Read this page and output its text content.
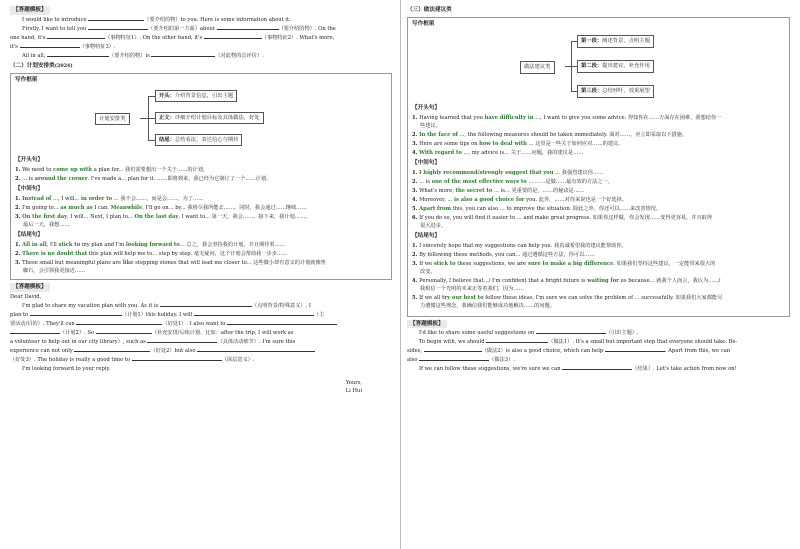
【答题模板】
I would like to introduce	（要介绍的物）to you. Here is some information about it.
Firstly, I want to tell you	（要介绍的第一方面）about	（要介绍的物）. On the
one hand, it's	（事物特征1）. On the other hand, it's	（事物特征2）. What's more,
it's	（事物特征3）.
All in all,	（要介绍的物）is	（对此物的总评价）.
（二）计划安排类(2024)
写作框架
计划安排类
开头：介绍背景信息，引出主题
正文：详细介绍计划目标及具体做法，好处
结尾：总结看法，表达信心与期待
【开头句】
1. We need to come up with a plan for... 我们需要想出一个关于……的计划。
2. ... is around the corner. I've made a... plan for it. ……即将到来，我已经为它制订了一个……计划。
【中间句】
1. Instead of ..., I will... in order to ... 我不会……，而是会……，为了……
2. I'm going to... as much as I can. Meanwhile, I'll go on... by... 我将尽我所能去……。同时，我会通过……继续……
3. On the first day, I will... Next, I plan to... On the last day, I want to... 第一天，我会……。接下来，我计划……。
最后一天，我想……
【结尾句】
1. All in all, I'll stick to my plan and I'm looking forward to... 总之，我会坚持我的计划，并且期待着……
2. There is no doubt that this plan will help me to... step by step. 毫无疑问，这个计划会帮助我一步步……
3. These small but meaningful plans are like stepping stones that will lead me closer to... 这些微小却有意义的计划就像垫
脚石，会引领我更接近……
【答题模板】
Dear David,
I'm glad to share my vacation plan with you. As it is	（点明背景/特殊意义）, I
plan to	（计划1）this holiday. I will	（主
要活动/目的）. They'll can	（好处1）. I also want to
（计划2）. So	（补充安排/后续计划，比如：after the trip, I will work as
a volunteer to help out in our city library）, such as	（具体活动细节）. I'm sure this
experience can not only	（好处2）but also
（好处3）. The holiday is really a good time to	（深层意义）.
I'm looking forward to your reply.
Yours,
Li Hui
（三）做法建议类
写作框架
做法建议类
第一段：阐述背景，点明主题
第二段：提出建议，补充作用
第三段：总结呼吁，效果展望
【开头句】
1. Having learned that you have difficulty in ..., I want to give you some advice. 得知你在……方面存在困难，我想给你一
些建议。
2. In the face of ..., the following measures should be taken immediately. 面对……，应立即采取以下措施。
3. Here are some tips on how to deal with ... 这里是一些关于如何应对……的建议。
4. With regard to ..., my advice is... 关于……问题，我的建议是……
【中间句】
1. I highly recommend/strongly suggest that you ... 我强烈建议你……
2. ... is one of the most effective ways to ... ……是做……最有效的方法之一。
3. What's more, the secret to ... is... 更重要的是，……的秘诀是……
4. Moreover, ... is also a good choice for you. 此外，……对你来说也是一个好选择。
5. Apart from this, you can also ... to improve the situation. 除此之外，你还可以……来改善情况。
6. If you do so, you will find it easier to ... and make great progress. 如果你这样做，你会发现……变得更容易，并且取得
很大进步。
【结尾句】
1. I sincerely hope that my suggestions can help you. 我真诚希望我的建议能帮助你。
2. By following these methods, you can... 通过遵循这些方法，你可以……
3. If we stick to these suggestions, we are sure to make a big difference. 如果我们坚持这些建议，一定能带来很大的
改变。
4. Personally, I believe that.../ I'm confident that a bright future is waiting for us because... 就我个人而言，我认为……/
我相信一个光明的未来正等着我们，因为……
5. If we all try our best to follow these ideas, I'm sure we can solve the problem of ... successfully. 如果我们大家都能尽
力遵循这些理念，我确信我们能够成功地解决……的问题。
【答题模板】
I'd like to share some useful suggestions on	（引出主题）.
To begin with, we should	（做法1）. It's a small but important step that everyone should take. Be-
sides,	（做法2）is also a good choice, which can help	. Apart from this, we can
also	（做法3）.
If we can follow these suggestions, we're sure we can	（结果）. Let's take action from now on!
